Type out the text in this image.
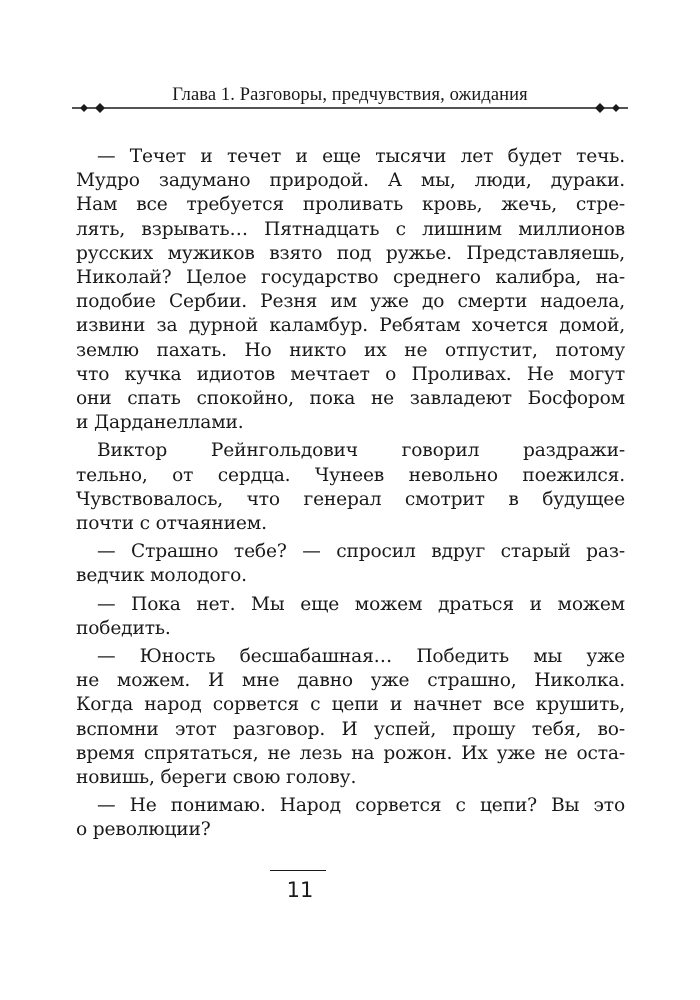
Глава 1. Разговоры, предчувствия, ожидания
— Течет и течет и еще тысячи лет будет течь.
Мудро задумано природой. А мы, люди, дураки.
Нам все требуется проливать кровь, жечь, стре-
лять, взрывать… Пятнадцать с лишним миллионов
русских мужиков взято под ружье. Представляешь,
Николай? Целое государство среднего калибра, на-
подобие Сербии. Резня им уже до смерти надоела,
извини за дурной каламбур. Ребятам хочется домой,
землю пахать. Но никто их не отпустит, потому
что кучка идиотов мечтает о Проливах. Не могут
они спать спокойно, пока не завладеют Босфором
и Дарданеллами.
Виктор Рейнгольдович говорил раздражи-
тельно, от сердца. Чунеев невольно поежился.
Чувствовалось, что генерал смотрит в будущее
почти с отчаянием.
— Страшно тебе? — спросил вдруг старый раз-
ведчик молодого.
— Пока нет. Мы еще можем драться и можем
победить.
— Юность бесшабашная… Победить мы уже
не можем. И мне давно уже страшно, Николка.
Когда народ сорвется с цепи и начнет все крушить,
вспомни этот разговор. И успей, прошу тебя, во-
время спрятаться, не лезь на рожон. Их уже не оста-
новишь, береги свою голову.
— Не понимаю. Народ сорвется с цепи? Вы это
о революции?
11
